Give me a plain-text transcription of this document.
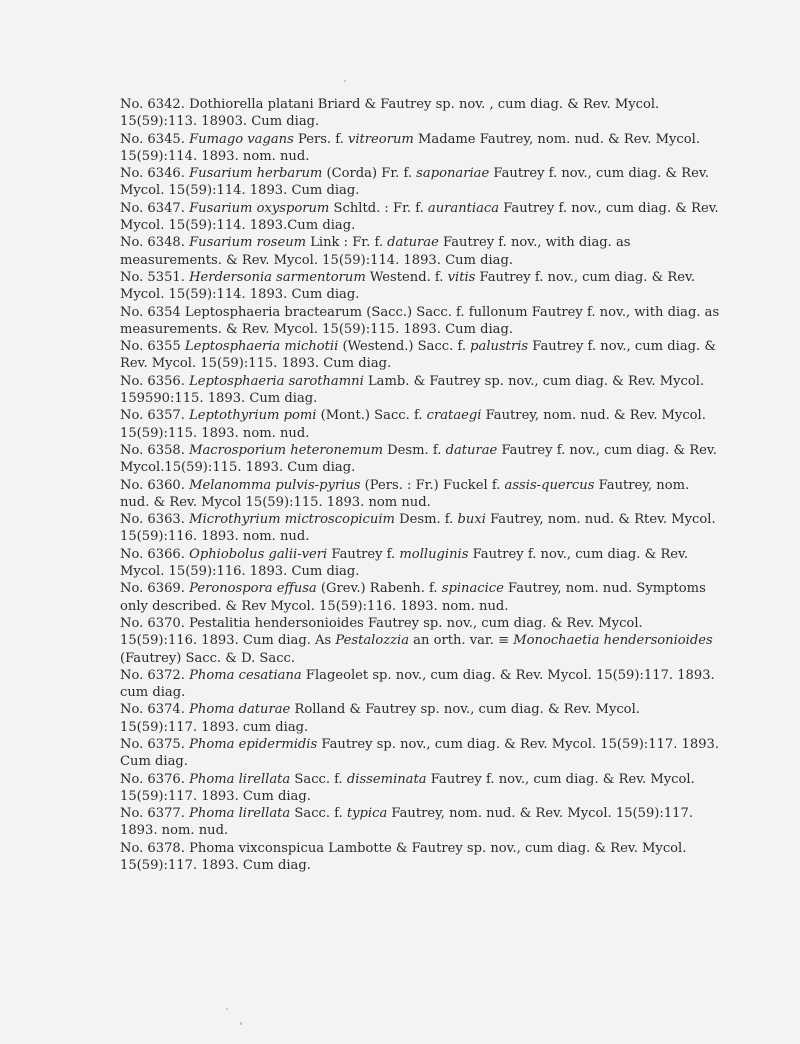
No. 6342. Dothiorella platani Briard & Fautrey sp. nov. , cum diag. & Rev. Mycol. 15(59):113. 18903. Cum diag.

No. 6345. Fumago vagans Pers. f. vitreorum Madame Fautrey, nom. nud. & Rev. Mycol. 15(59):114. 1893. nom. nud.

No. 6346. Fusarium herbarum (Corda) Fr. f. saponariae Fautrey f. nov., cum diag. & Rev. Mycol. 15(59):114. 1893. Cum diag.

No. 6347. Fusarium oxysporum Schltd. : Fr. f. aurantiaca Fautrey f. nov., cum diag. & Rev. Mycol. 15(59):114. 1893.Cum diag.

No. 6348. Fusarium roseum Link : Fr. f. daturae Fautrey f. nov., with diag. as measurements. & Rev. Mycol. 15(59):114. 1893. Cum diag.

No. 5351. Herdersonia sarmentorum Westend. f. vitis Fautrey f. nov., cum diag. & Rev. Mycol. 15(59):114. 1893. Cum diag.

No. 6354 Leptosphaeria bractearum (Sacc.) Sacc. f. fullonum Fautrey f. nov., with diag. as measurements. & Rev. Mycol. 15(59):115. 1893. Cum diag.

No. 6355 Leptosphaeria michotii (Westend.) Sacc. f. palustris Fautrey f. nov., cum diag. & Rev. Mycol. 15(59):115. 1893. Cum diag.

No. 6356. Leptosphaeria sarothamni Lamb. & Fautrey sp. nov., cum diag. & Rev. Mycol. 159590:115. 1893. Cum diag.

No. 6357. Leptothyrium pomi (Mont.) Sacc. f. crataegi Fautrey, nom. nud. & Rev. Mycol. 15(59):115. 1893. nom. nud.

No. 6358. Macrosporium heteronemum Desm. f. daturae Fautrey f. nov., cum diag. & Rev. Mycol.15(59):115. 1893. Cum diag.

No. 6360. Melanomma pulvis-pyrius (Pers. : Fr.) Fuckel f. assis-quercus Fautrey, nom. nud. & Rev. Mycol 15(59):115. 1893. nom nud.

No. 6363. Microthyrium mictroscopicuim Desm. f. buxi Fautrey, nom. nud. & Rtev. Mycol. 15(59):116. 1893. nom. nud.

No. 6366. Ophiobolus galii-veri Fautrey f. molluginis Fautrey f. nov., cum diag. & Rev. Mycol. 15(59):116. 1893. Cum diag.

No. 6369. Peronospora effusa (Grev.) Rabenh. f. spinacice Fautrey, nom. nud. Symptoms only described. & Rev Mycol. 15(59):116. 1893. nom. nud.

No. 6370. Pestalitia hendersonioides Fautrey sp. nov., cum diag. & Rev. Mycol. 15(59):116. 1893. Cum diag. As Pestalozzia an orth. var. ≡ Monochaetia hendersonioides (Fautrey) Sacc. & D. Sacc.

No. 6372. Phoma cesatiana Flageolet sp. nov., cum diag. & Rev. Mycol. 15(59):117. 1893. cum diag.

No. 6374. Phoma daturae Rolland & Fautrey sp. nov., cum diag. & Rev. Mycol. 15(59):117. 1893. cum diag.

No. 6375. Phoma epidermidis Fautrey sp. nov., cum diag. & Rev. Mycol. 15(59):117. 1893. Cum diag.

No. 6376. Phoma lirellata Sacc. f. disseminata Fautrey f. nov., cum diag. & Rev. Mycol. 15(59):117. 1893. Cum diag.

No. 6377. Phoma lirellata Sacc. f. typica Fautrey, nom. nud. & Rev. Mycol. 15(59):117. 1893. nom. nud.

No. 6378. Phoma vixconspicua Lambotte & Fautrey sp. nov., cum diag. & Rev. Mycol. 15(59):117. 1893. Cum diag.
